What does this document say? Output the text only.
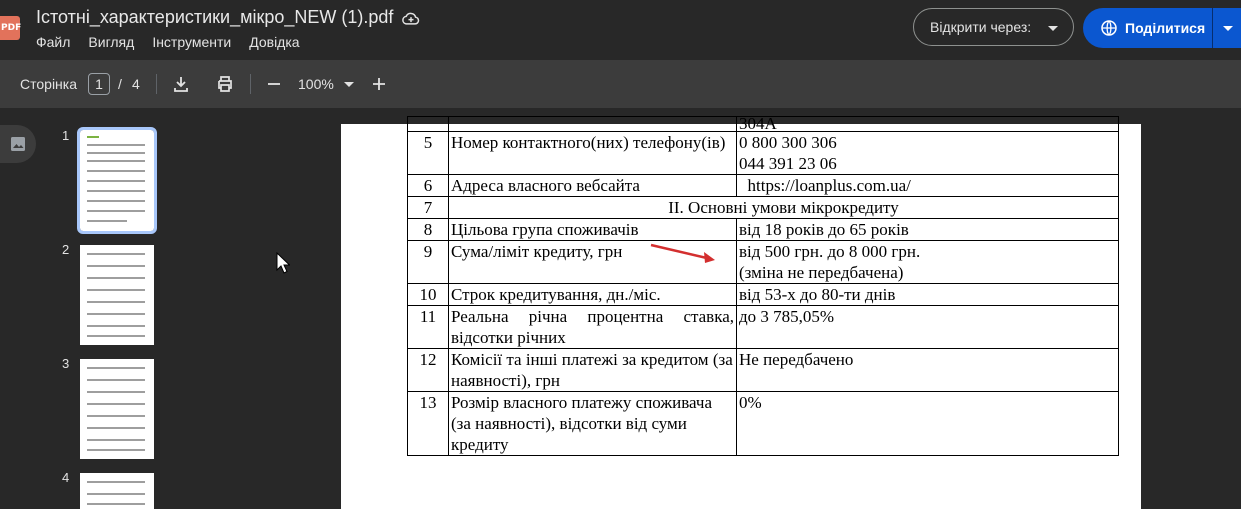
PDF
Істотні_характеристики_мікро_NEW (1).pdf
Файл Вигляд Інструменти Довідка
Відкрити через:	Поділитися
Сторінка	1	/ 4	100%
1
2
3
4
		304А
5	Номер контактного(них) телефону(ів)	0 800 300 306
044 391 23 06

6	Адреса власного вебсайта	https://loanplus.com.ua/
7	II. Основні умови мікрокредиту	
8	Цільова група споживачів	від 18 років до 65 років
9	Сума/ліміт кредиту, грн	від 500 грн. до 8 000 грн.
(зміна не передбачена)

10	Строк кредитування, дн./міс.	від 53-х до 80-ти днів
11	Реальна річна процентна ставка, відсотки річних	до 3 785,05%
12	Комісії та інші платежі за кредитом (за наявності), грн	Не передбачено
13	Розмір власного платежу споживача (за наявності), відсотки від суми кредиту	0%
